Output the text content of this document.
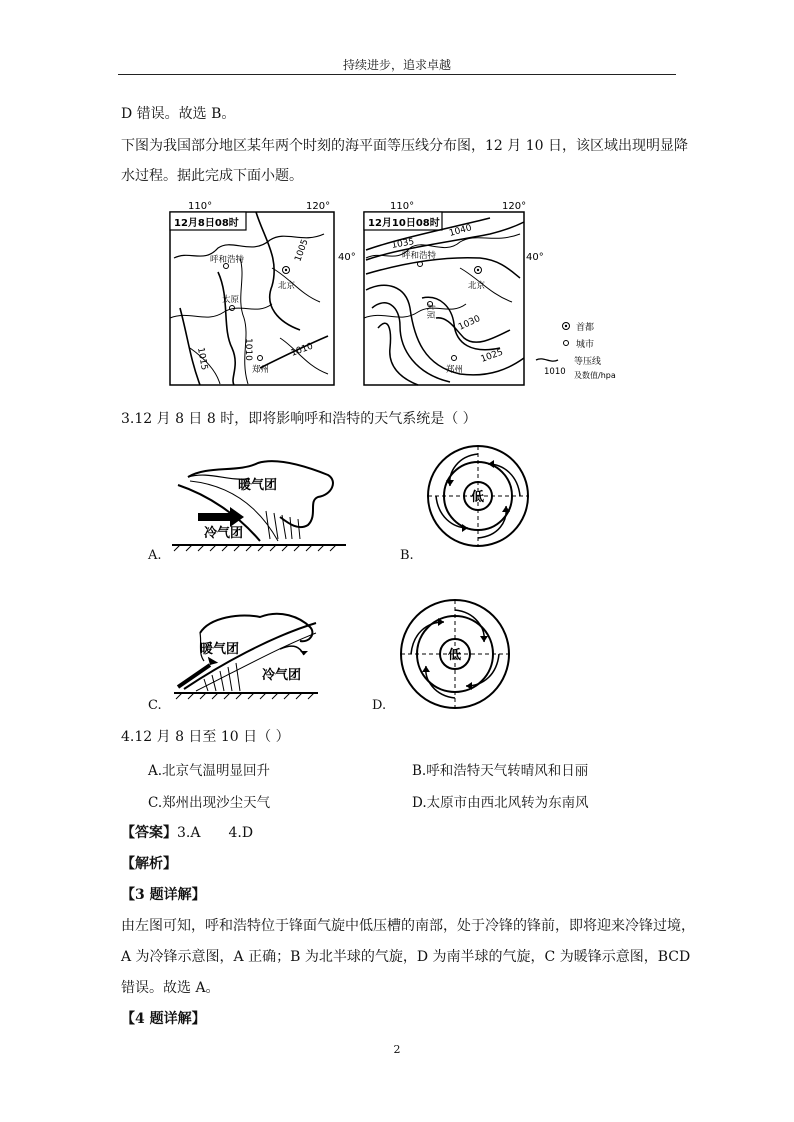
持续进步，追求卓越
D 错误。故选 B。
下图为我国部分地区某年两个时刻的海平面等压线分布图，12 月 10 日，该区域出现明显降
水过程。据此完成下面小题。
110°	120°
12月8日08时
40°
1005
1010	1010
1015
呼和浩特
北京
太原
郑州
110°	120°
12月10日08时
40°
1040
1035
1030
1025
呼和浩特
北京
太原
郑州
首都
城市
1010
等压线
及数值/hpa
3.12 月 8 日 8 时，即将影响呼和浩特的天气系统是（ ）
暖气团
冷气团
A.
低
B.
暖气团
冷气团
C.
低
D.
4.12 月 8 日至 10 日（ ）
A.北京气温明显回升	B.呼和浩特天气转晴风和日丽
C.郑州出现沙尘天气	D.太原市由西北风转为东南风
【答案】3.A 4.D
【解析】
【3 题详解】
由左图可知，呼和浩特位于锋面气旋中低压槽的南部，处于冷锋的锋前，即将迎来冷锋过境，
A 为冷锋示意图，A 正确；B 为北半球的气旋，D 为南半球的气旋，C 为暖锋示意图，BCD
错误。故选 A。
【4 题详解】
2
